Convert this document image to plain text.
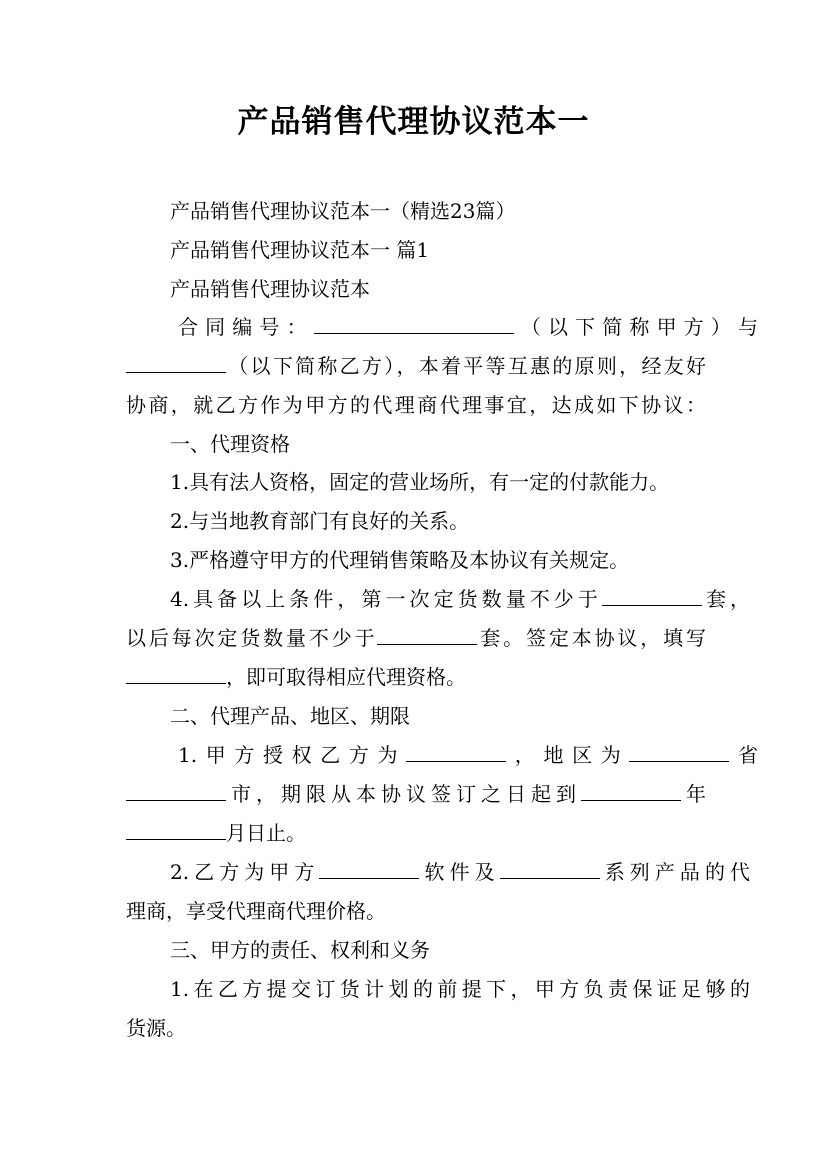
产品销售代理协议范本一
产品销售代理协议范本一（精选23篇）
产品销售代理协议范本一 篇1
产品销售代理协议范本
合同编号：	（以下简称甲方）与
（以下简称乙方），本着平等互惠的原则，经友好
协商，就乙方作为甲方的代理商代理事宜，达成如下协议：
一、代理资格
1.具有法人资格，固定的营业场所，有一定的付款能力。
2.与当地教育部门有良好的关系。
3.严格遵守甲方的代理销售策略及本协议有关规定。
4.具备以上条件，第一次定货数量不少于	套，
以后每次定货数量不少于	套。签定本协议，填写
，即可取得相应代理资格。
二、代理产品、地区、期限
1.甲方授权乙方为	，地区为	省
市，期限从本协议签订之日起到	年
月日止。
2.乙方为甲方	软件及	系列产品的代
理商，享受代理商代理价格。
三、甲方的责任、权利和义务
1.在乙方提交订货计划的前提下，甲方负责保证足够的
货源。
